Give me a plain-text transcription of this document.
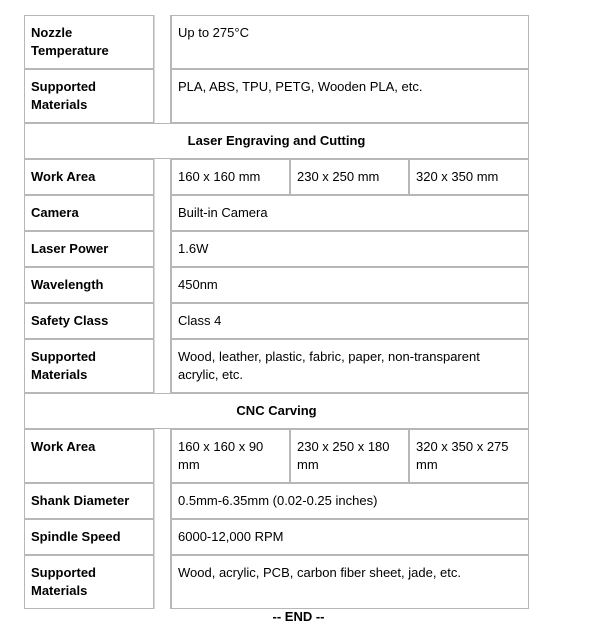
Nozzle Temperature		Up to 275°C		
Supported Materials		PLA, ABS, TPU, PETG, Wooden PLA, etc.		
Laser Engraving and Cutting				
Work Area		160 x 160 mm	230 x 250 mm	320 x 350 mm
Camera		Built-in Camera		
Laser Power		1.6W		
Wavelength		450nm		
Safety Class		Class 4		
Supported Materials		Wood, leather, plastic, fabric, paper, non-transparent acrylic, etc.		
CNC Carving				
Work Area		160 x 160 x 90 mm	230 x 250 x 180 mm	320 x 350 x 275 mm
Shank Diameter		0.5mm-6.35mm (0.02-0.25 inches)		
Spindle Speed		6000-12,000 RPM		
Supported Materials		Wood, acrylic, PCB, carbon fiber sheet, jade, etc.		
-- END --
